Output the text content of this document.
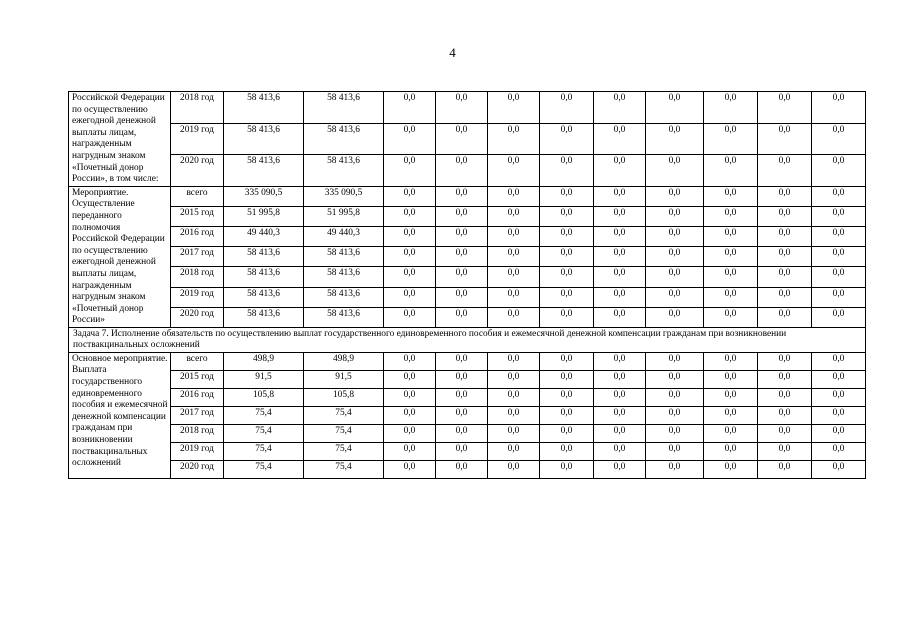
4
Российской Федерации по осуществлению ежегодной денежной выплаты лицам, награжденным нагрудным знаком «Почетный донор России», в том числе:	2018 год	58 413,6	58 413,6	0,0	0,0	0,0	0,0	0,0	0,0	0,0	0,0	0,0
	2019 год	58 413,6	58 413,6	0,0	0,0	0,0	0,0	0,0	0,0	0,0	0,0	0,0
	2020 год	58 413,6	58 413,6	0,0	0,0	0,0	0,0	0,0	0,0	0,0	0,0	0,0
Мероприятие. Осуществление переданного полномочия Российской Федерации по осуществлению ежегодной денежной выплаты лицам, награжденным нагрудным знаком «Почетный донор России»	всего	335 090,5	335 090,5	0,0	0,0	0,0	0,0	0,0	0,0	0,0	0,0	0,0
	2015 год	51 995,8	51 995,8	0,0	0,0	0,0	0,0	0,0	0,0	0,0	0,0	0,0
	2016 год	49 440,3	49 440,3	0,0	0,0	0,0	0,0	0,0	0,0	0,0	0,0	0,0
	2017 год	58 413,6	58 413,6	0,0	0,0	0,0	0,0	0,0	0,0	0,0	0,0	0,0
	2018 год	58 413,6	58 413,6	0,0	0,0	0,0	0,0	0,0	0,0	0,0	0,0	0,0
	2019 год	58 413,6	58 413,6	0,0	0,0	0,0	0,0	0,0	0,0	0,0	0,0	0,0
	2020 год	58 413,6	58 413,6	0,0	0,0	0,0	0,0	0,0	0,0	0,0	0,0	0,0
Задача 7. Исполнение обязательств по осуществлению выплат государственного единовременного пособия и ежемесячной денежной компенсации гражданам при возникновении поствакцинальных осложнений												
Основное мероприятие. Выплата государственного единовременного пособия и ежемесячной денежной компенсации гражданам при возникновении поствакцинальных осложнений	всего	498,9	498,9	0,0	0,0	0,0	0,0	0,0	0,0	0,0	0,0	0,0
	2015 год	91,5	91,5	0,0	0,0	0,0	0,0	0,0	0,0	0,0	0,0	0,0
	2016 год	105,8	105,8	0,0	0,0	0,0	0,0	0,0	0,0	0,0	0,0	0,0
	2017 год	75,4	75,4	0,0	0,0	0,0	0,0	0,0	0,0	0,0	0,0	0,0
	2018 год	75,4	75,4	0,0	0,0	0,0	0,0	0,0	0,0	0,0	0,0	0,0
	2019 год	75,4	75,4	0,0	0,0	0,0	0,0	0,0	0,0	0,0	0,0	0,0
	2020 год	75,4	75,4	0,0	0,0	0,0	0,0	0,0	0,0	0,0	0,0	0,0
